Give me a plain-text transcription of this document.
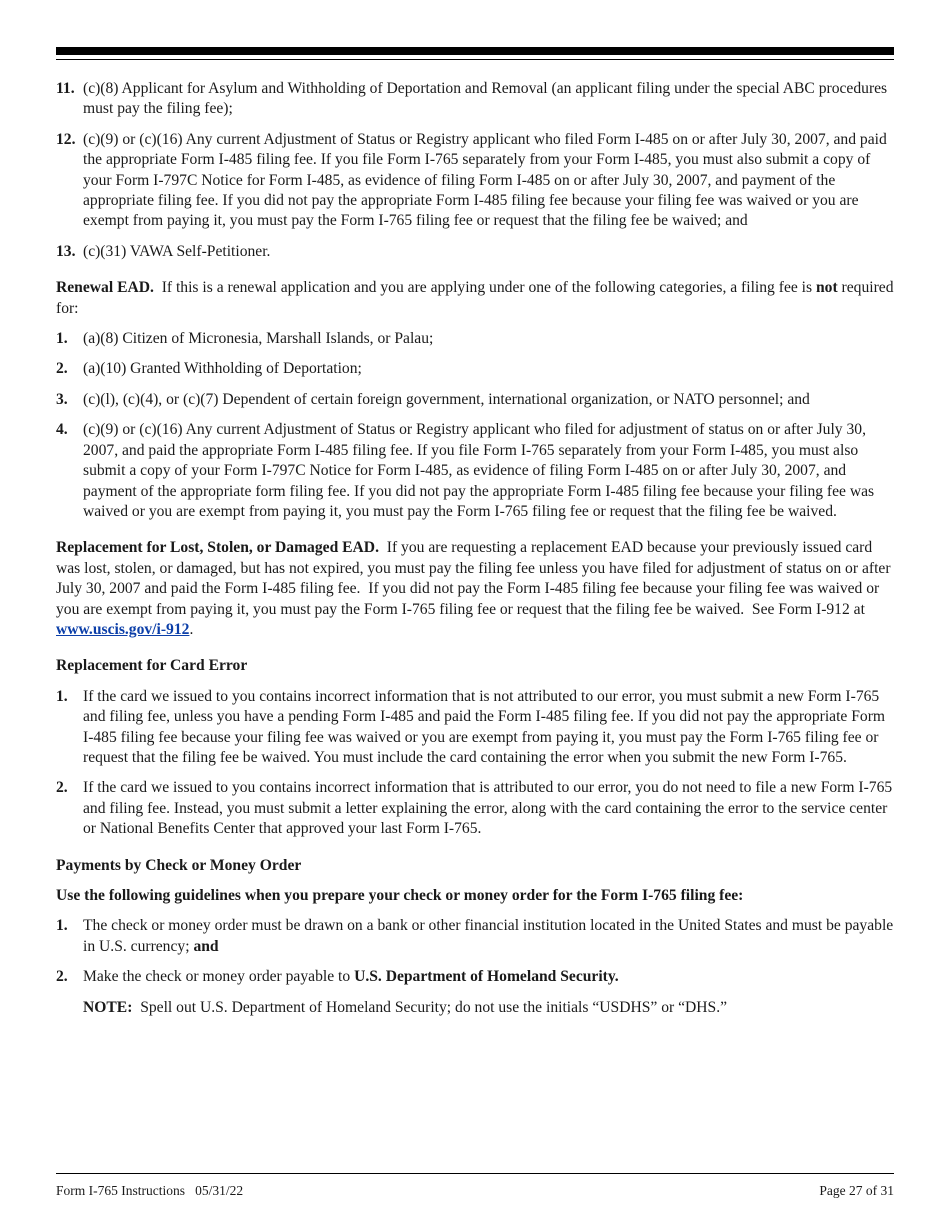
11. (c)(8) Applicant for Asylum and Withholding of Deportation and Removal (an applicant filing under the special ABC procedures must pay the filing fee);
12. (c)(9) or (c)(16) Any current Adjustment of Status or Registry applicant who filed Form I-485 on or after July 30, 2007, and paid the appropriate Form I-485 filing fee. If you file Form I-765 separately from your Form I-485, you must also submit a copy of your Form I-797C Notice for Form I-485, as evidence of filing Form I-485 on or after July 30, 2007, and payment of the appropriate filing fee. If you did not pay the appropriate Form I-485 filing fee because your filing fee was waived or you are exempt from paying it, you must pay the Form I-765 filing fee or request that the filing fee be waived; and
13. (c)(31) VAWA Self-Petitioner.

Renewal EAD.  If this is a renewal application and you are applying under one of the following categories, a filing fee is not required for:

1. (a)(8) Citizen of Micronesia, Marshall Islands, or Palau;
2. (a)(10) Granted Withholding of Deportation;
3. (c)(l), (c)(4), or (c)(7) Dependent of certain foreign government, international organization, or NATO personnel; and
4. (c)(9) or (c)(16) Any current Adjustment of Status or Registry applicant who filed for adjustment of status on or after July 30, 2007, and paid the appropriate Form I-485 filing fee. If you file Form I-765 separately from your Form I-485, you must also submit a copy of your Form I-797C Notice for Form I-485, as evidence of filing Form I-485 on or after July 30, 2007, and payment of the appropriate form filing fee. If you did not pay the appropriate Form I-485 filing fee because your filing fee was waived or you are exempt from paying it, you must pay the Form I-765 filing fee or request that the filing fee be waived.

Replacement for Lost, Stolen, or Damaged EAD.  If you are requesting a replacement EAD because your previously issued card was lost, stolen, or damaged, but has not expired, you must pay the filing fee unless you have filed for adjustment of status on or after July 30, 2007 and paid the Form I-485 filing fee.  If you did not pay the Form I-485 filing fee because your filing fee was waived or you are exempt from paying it, you must pay the Form I-765 filing fee or request that the filing fee be waived.  See Form I-912 at www.uscis.gov/i-912.

Replacement for Card Error
1. If the card we issued to you contains incorrect information that is not attributed to our error, you must submit a new Form I-765 and filing fee, unless you have a pending Form I-485 and paid the Form I-485 filing fee. If you did not pay the appropriate Form I-485 filing fee because your filing fee was waived or you are exempt from paying it, you must pay the Form I-765 filing fee or request that the filing fee be waived. You must include the card containing the error when you submit the new Form I-765.
2. If the card we issued to you contains incorrect information that is attributed to our error, you do not need to file a new Form I-765 and filing fee. Instead, you must submit a letter explaining the error, along with the card containing the error to the service center or National Benefits Center that approved your last Form I-765.
Payments by Check or Money Order
Use the following guidelines when you prepare your check or money order for the Form I-765 filing fee:
1. The check or money order must be drawn on a bank or other financial institution located in the United States and must be payable in U.S. currency; and
2. Make the check or money order payable to U.S. Department of Homeland Security.

NOTE:  Spell out U.S. Department of Homeland Security; do not use the initials “USDHS” or “DHS.”

Form I-765 Instructions   05/31/22	Page 27 of 31
